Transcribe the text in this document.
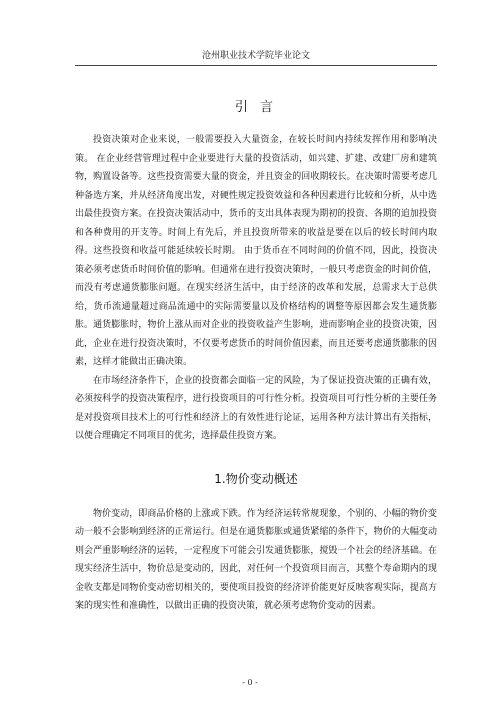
沧州职业技术学院毕业论文
引 言

投资决策对企业来说，一般需要投入大量资金，在较长时间内持续发挥作用和影响决策。 在企业经营管理过程中企业要进行大量的投资活动，如兴建、扩建、改建厂房和建筑物，购置设备等。这些投资需要大量的资金，并且资金的回收期较长。在决策时需要考虑几种备选方案，并从经济角度出发，对硬性规定投资效益和各种因素进行比较和分析，从中选出最佳投资方案。在投资决策活动中，货币的支出具体表现为期初的投资、各期的追加投资和各种费用的开支等。时间上有先后，并且投资所带来的收益是要在以后的较长时间内取得。这些投资和收益可能延续较长时期。 由于货币在不同时间的价值不同，因此，投资决策必须考虑货币时间价值的影响。但通常在进行投资决策时，一般只考虑资金的时间价值，而没有考虑通货膨胀问题。在现实经济生活中，由于经济的改革和发展，总需求大于总供给，货币流通量超过商品流通中的实际需要量以及价格结构的调整等原因都会发生通货膨胀。通货膨胀时，物价上涨从而对企业的投资收益产生影响，进而影响企业的投资决策，因此，企业在进行投资决策时，不仅要考虑货币的时间价值因素，而且还要考虑通货膨胀的因素，这样才能做出正确决策。

在市场经济条件下，企业的投资都会面临一定的风险，为了保证投资决策的正确有效，必须按科学的投资决策程序，进行投资项目的可行性分析。投资项目可行性分析的主要任务是对投资项目技术上的可行性和经济上的有效性进行论证，运用各种方法计算出有关指标，以便合理确定不同项目的优劣，选择最佳投资方案。

1.物价变动概述

物价变动，即商品价格的上涨或下跌。作为经济运转常规现象，个别的、小幅的物价变动一般不会影响到经济的正常运行。但是在通货膨胀或通货紧缩的条件下，物价的大幅变动则会严重影响经济的运转，一定程度下可能会引发通货膨胀，搅毁一个社会的经济基础。在现实经济生活中，物价总是变动的，因此，对任何一个投资项目而言，其整个寿命期内的现金收支都是同物价变动密切相关的，要使项目投资的经济评价能更好反映客观实际，提高方案的现实性和准确性，以做出正确的投资决策，就必须考虑物价变动的因素。

- 0 -
